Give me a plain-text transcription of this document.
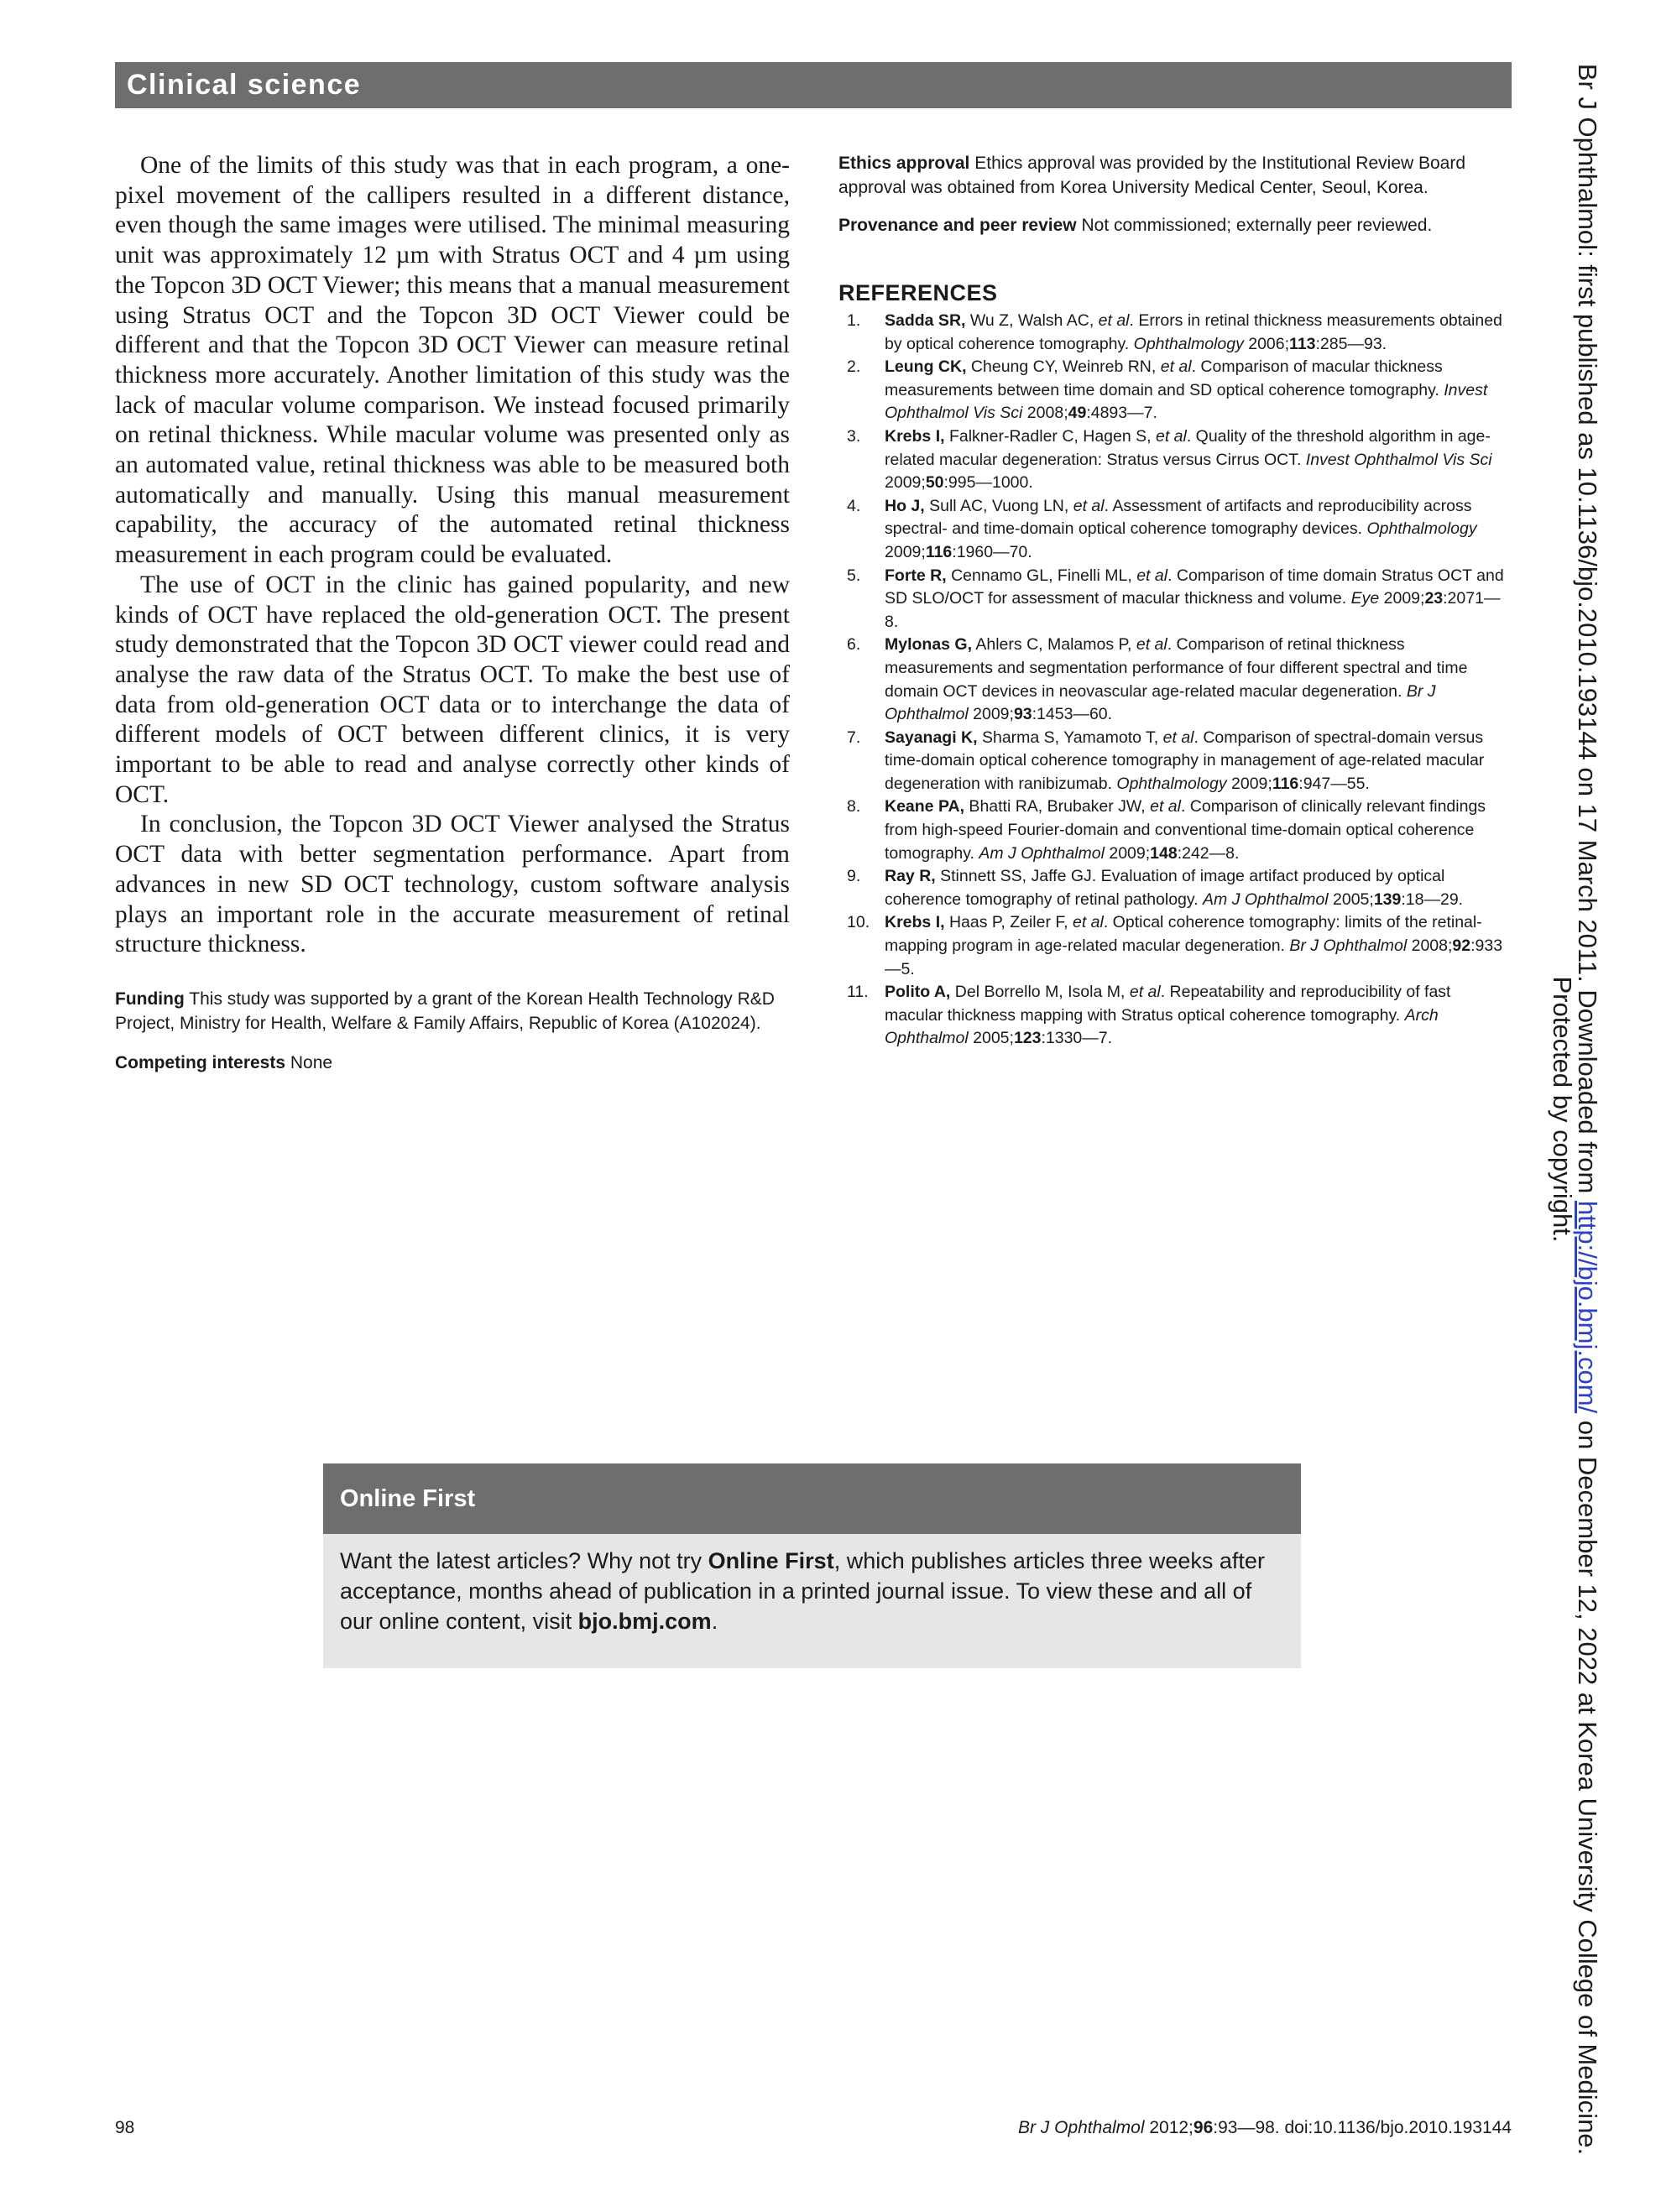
Clinical science

One of the limits of this study was that in each program, a one-pixel movement of the callipers resulted in a different distance, even though the same images were utilised. The minimal measuring unit was approximately 12 µm with Stratus OCT and 4 µm using the Topcon 3D OCT Viewer; this means that a manual measurement using Stratus OCT and the Topcon 3D OCT Viewer could be different and that the Topcon 3D OCT Viewer can measure retinal thickness more accurately. Another limitation of this study was the lack of macular volume comparison. We instead focused primarily on retinal thickness. While macular volume was presented only as an automated value, retinal thickness was able to be measured both automatically and manually. Using this manual measurement capability, the accuracy of the automated retinal thickness measurement in each program could be evaluated.

The use of OCT in the clinic has gained popularity, and new kinds of OCT have replaced the old-generation OCT. The present study demonstrated that the Topcon 3D OCT viewer could read and analyse the raw data of the Stratus OCT. To make the best use of data from old-generation OCT data or to interchange the data of different models of OCT between different clinics, it is very important to be able to read and analyse correctly other kinds of OCT.

In conclusion, the Topcon 3D OCT Viewer analysed the Stratus OCT data with better segmentation performance. Apart from advances in new SD OCT technology, custom software analysis plays an important role in the accurate measurement of retinal structure thickness.

Funding This study was supported by a grant of the Korean Health Technology R&D Project, Ministry for Health, Welfare & Family Affairs, Republic of Korea (A102024).

Competing interests None

Ethics approval Ethics approval was provided by the Institutional Review Board approval was obtained from Korea University Medical Center, Seoul, Korea.

Provenance and peer review Not commissioned; externally peer reviewed.

REFERENCES
1.	Sadda SR, Wu Z, Walsh AC, et al. Errors in retinal thickness measurements obtained by optical coherence tomography. Ophthalmology 2006;113:285—93.
2.	Leung CK, Cheung CY, Weinreb RN, et al. Comparison of macular thickness measurements between time domain and SD optical coherence tomography. Invest Ophthalmol Vis Sci 2008;49:4893—7.
3.	Krebs I, Falkner-Radler C, Hagen S, et al. Quality of the threshold algorithm in age-related macular degeneration: Stratus versus Cirrus OCT. Invest Ophthalmol Vis Sci 2009;50:995—1000.
4.	Ho J, Sull AC, Vuong LN, et al. Assessment of artifacts and reproducibility across spectral- and time-domain optical coherence tomography devices. Ophthalmology 2009;116:1960—70.
5.	Forte R, Cennamo GL, Finelli ML, et al. Comparison of time domain Stratus OCT and SD SLO/OCT for assessment of macular thickness and volume. Eye 2009;23:2071—8.
6.	Mylonas G, Ahlers C, Malamos P, et al. Comparison of retinal thickness measurements and segmentation performance of four different spectral and time domain OCT devices in neovascular age-related macular degeneration. Br J Ophthalmol 2009;93:1453—60.
7.	Sayanagi K, Sharma S, Yamamoto T, et al. Comparison of spectral-domain versus time-domain optical coherence tomography in management of age-related macular degeneration with ranibizumab. Ophthalmology 2009;116:947—55.
8.	Keane PA, Bhatti RA, Brubaker JW, et al. Comparison of clinically relevant findings from high-speed Fourier-domain and conventional time-domain optical coherence tomography. Am J Ophthalmol 2009;148:242—8.
9.	Ray R, Stinnett SS, Jaffe GJ. Evaluation of image artifact produced by optical coherence tomography of retinal pathology. Am J Ophthalmol 2005;139:18—29.
10. Krebs I, Haas P, Zeiler F, et al. Optical coherence tomography: limits of the retinal-mapping program in age-related macular degeneration. Br J Ophthalmol 2008;92:933—5.
11. Polito A, Del Borrello M, Isola M, et al. Repeatability and reproducibility of fast macular thickness mapping with Stratus optical coherence tomography. Arch Ophthalmol 2005;123:1330—7.	Br J Ophthalmol: first published as 10.1136/bjo.2010.193144 on 17 March 2011. Downloaded from http://bjo.bmj.com/ on December 12, 2022 at Korea University College of Medicine.
Protected by copyright.
Online First
Want the latest articles? Why not try Online First, which publishes articles three weeks after acceptance, months ahead of publication in a printed journal issue. To view these and all of our online content, visit bjo.bmj.com.
98	Br J Ophthalmol 2012;96:93—98. doi:10.1136/bjo.2010.193144
